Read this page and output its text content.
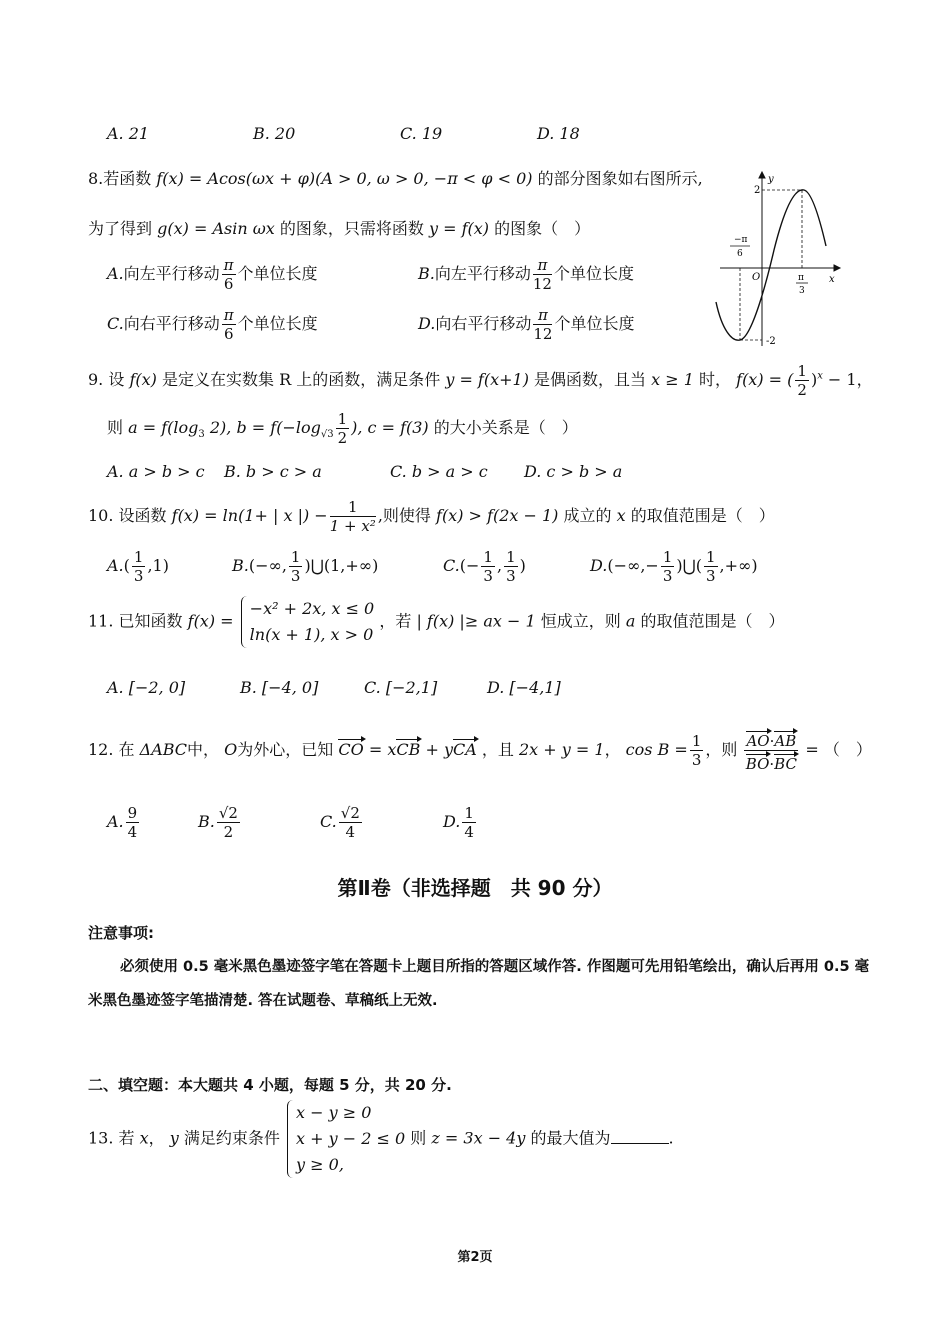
A. 21	B. 20	C. 19	D. 18
8.若函数 f(x) = Acos(ωx + φ)(A > 0, ω > 0, −π < φ < 0) 的部分图象如右图所示,
为了得到 g(x) = Asin ωx 的图象，只需将函数 y = f(x) 的图象（　）
A.向左平行移动 $\frac{\pi}{6}$ 个单位长度	B.向左平行移动 $\frac{\pi}{12}$ 个单位长度
C.向右平行移动 $\frac{\pi}{6}$ 个单位长度	D.向右平行移动 $\frac{\pi}{12}$ 个单位长度
y
x
O
2
-2
−π
6
π
3
9. 设 f(x) 是定义在实数集 R 上的函数，满足条件 y = f(x+1) 是偶函数，且当 x ≥ 1 时， f(x) = ( $\frac{1}{2} )^x - 1$，
则 $a = f(\log_3$ 2), $b = f(-\log_{√3} \frac{1}{2}$ ), c = f(3) 的大小关系是（　）
A. a > b > c B. b > c > a	C. b > a > c D. c > b > a
10. 设函数 f(x) = ln(1+ | x |) − $\frac{1}{\text{1 + x²}}$ ,则使得 f(x) > f(2x − 1) 成立的 x 的取值范围是（　）
$A.( \frac{1}{3} ,1)$	B.(−∞, $\frac{1}{3}$ )⋃(1,+∞)	$C.(- \frac{1}{3}$ , $\frac{1}{3}$ )	$D.(-\infty,- \frac{1}{3}$ )⋃( $\frac{1}{3}$ ,+∞)
11. 已知函数 f(x) =
−x² + 2x, x ≤ 0
ln(x + 1), x > 0
，若 | f(x) |≥ ax − 1 恒成立，则 a 的取值范围是（　）
A. [−2, 0]	B. [−4, 0]	C. [−2,1]	D. [−4,1]
12. 在 ΔABC中， O为外心，已知 CO = xCB + yCA ，且 2x + y = 1， $\cos B = \frac{1}{3}$ ，则 $\frac{AO\cdot AB}{BO\cdot BC}$ = （　）
A. $\frac{9}{4}$	B. $\frac{√2}{2}$	C. $\frac{√2}{4}$	D. $\frac{1}{4}$
第Ⅱ卷（非选择题　共 90 分）
注意事项:
必须使用 0.5 毫米黑色墨迹签字笔在答题卡上题目所指的答题区域作答. 作图题可先用铅笔绘出，确认后再用 0.5 毫米黑色墨迹签字笔描清楚. 答在试题卷、草稿纸上无效.
二、填空题：本大题共 4 小题，每题 5 分，共 20 分.
13. 若 x， y 满足约束条件
x − y ≥ 0
x + y − 2 ≤ 0
y ≥ 0,
则 z = 3x − 4y 的最大值为	.
第2页
